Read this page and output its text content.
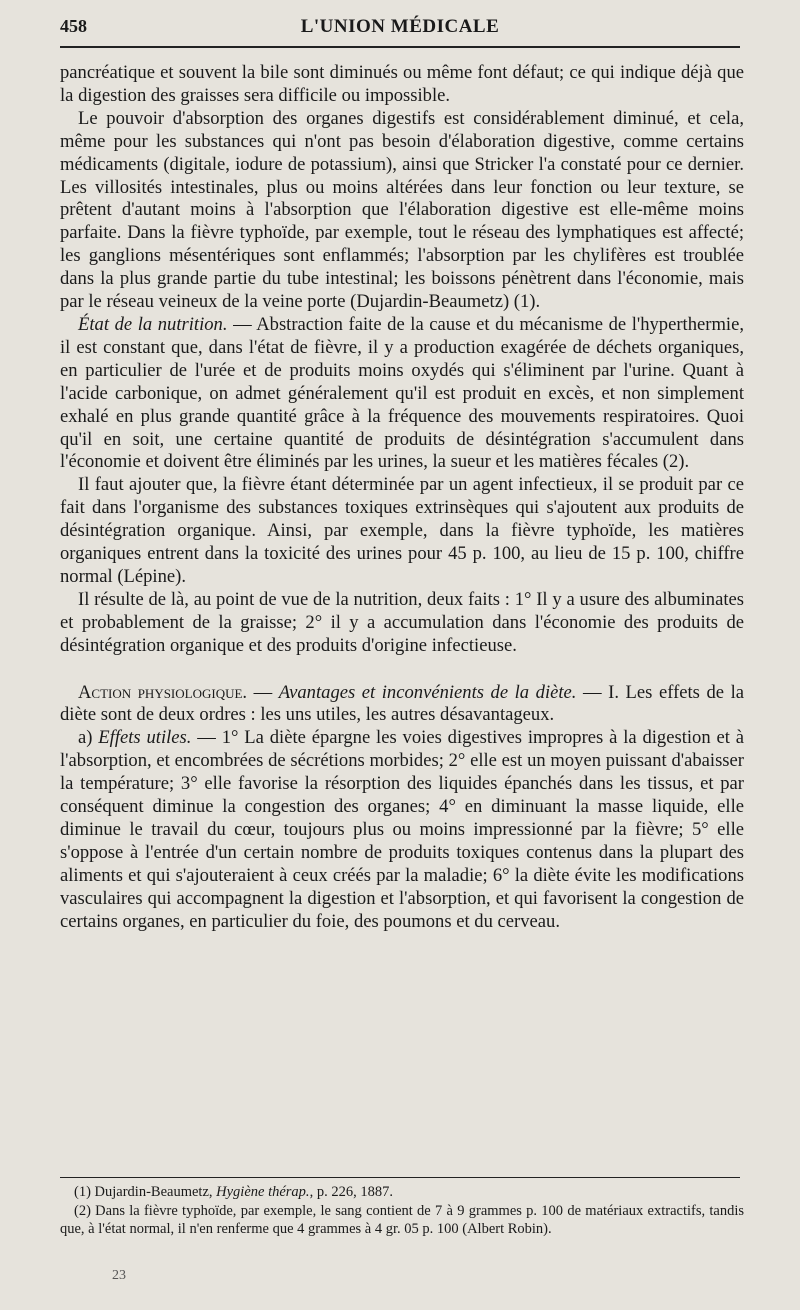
458	L'UNION MÉDICALE

pancréatique et souvent la bile sont diminués ou même font défaut; ce qui indique déjà que la digestion des graisses sera difficile ou impossible.

Le pouvoir d'absorption des organes digestifs est considérablement diminué, et cela, même pour les substances qui n'ont pas besoin d'élaboration digestive, comme certains médicaments (digitale, iodure de potassium), ainsi que Stricker l'a constaté pour ce dernier. Les villosités intestinales, plus ou moins altérées dans leur fonction ou leur texture, se prêtent d'autant moins à l'absorption que l'élaboration digestive est elle-même moins parfaite. Dans la fièvre typhoïde, par exemple, tout le réseau des lymphatiques est affecté; les ganglions mésentériques sont enflammés; l'absorption par les chylifères est troublée dans la plus grande partie du tube intestinal; les boissons pénètrent dans l'économie, mais par le réseau veineux de la veine porte (Dujardin-Beaumetz) (1).

État de la nutrition. — Abstraction faite de la cause et du mécanisme de l'hyperthermie, il est constant que, dans l'état de fièvre, il y a production exagérée de déchets organiques, en particulier de l'urée et de produits moins oxydés qui s'éliminent par l'urine. Quant à l'acide carbonique, on admet généralement qu'il est produit en excès, et non simplement exhalé en plus grande quantité grâce à la fréquence des mouvements respiratoires. Quoi qu'il en soit, une certaine quantité de produits de désintégration s'accumulent dans l'économie et doivent être éliminés par les urines, la sueur et les matières fécales (2).

Il faut ajouter que, la fièvre étant déterminée par un agent infectieux, il se produit par ce fait dans l'organisme des substances toxiques extrinsèques qui s'ajoutent aux produits de désintégration organique. Ainsi, par exemple, dans la fièvre typhoïde, les matières organiques entrent dans la toxicité des urines pour 45 p. 100, au lieu de 15 p. 100, chiffre normal (Lépine).

Il résulte de là, au point de vue de la nutrition, deux faits : 1° Il y a usure des albuminates et probablement de la graisse; 2° il y a accumulation dans l'économie des produits de désintégration organique et des produits d'origine infectieuse.

Action physiologique. — Avantages et inconvénients de la diète. — I. Les effets de la diète sont de deux ordres : les uns utiles, les autres désavantageux.

a) Effets utiles. — 1° La diète épargne les voies digestives impropres à la digestion et à l'absorption, et encombrées de sécrétions morbides; 2° elle est un moyen puissant d'abaisser la température; 3° elle favorise la résorption des liquides épanchés dans les tissus, et par conséquent diminue la congestion des organes; 4° en diminuant la masse liquide, elle diminue le travail du cœur, toujours plus ou moins impressionné par la fièvre; 5° elle s'oppose à l'entrée d'un certain nombre de produits toxiques contenus dans la plupart des aliments et qui s'ajouteraient à ceux créés par la maladie; 6° la diète évite les modifications vasculaires qui accompagnent la digestion et l'absorption, et qui favorisent la congestion de certains organes, en particulier du foie, des poumons et du cerveau.

(1) Dujardin-Beaumetz, Hygiène thérap., p. 226, 1887.

(2) Dans la fièvre typhoïde, par exemple, le sang contient de 7 à 9 grammes p. 100 de matériaux extractifs, tandis que, à l'état normal, il n'en renferme que 4 grammes à 4 gr. 05 p. 100 (Albert Robin).

23
